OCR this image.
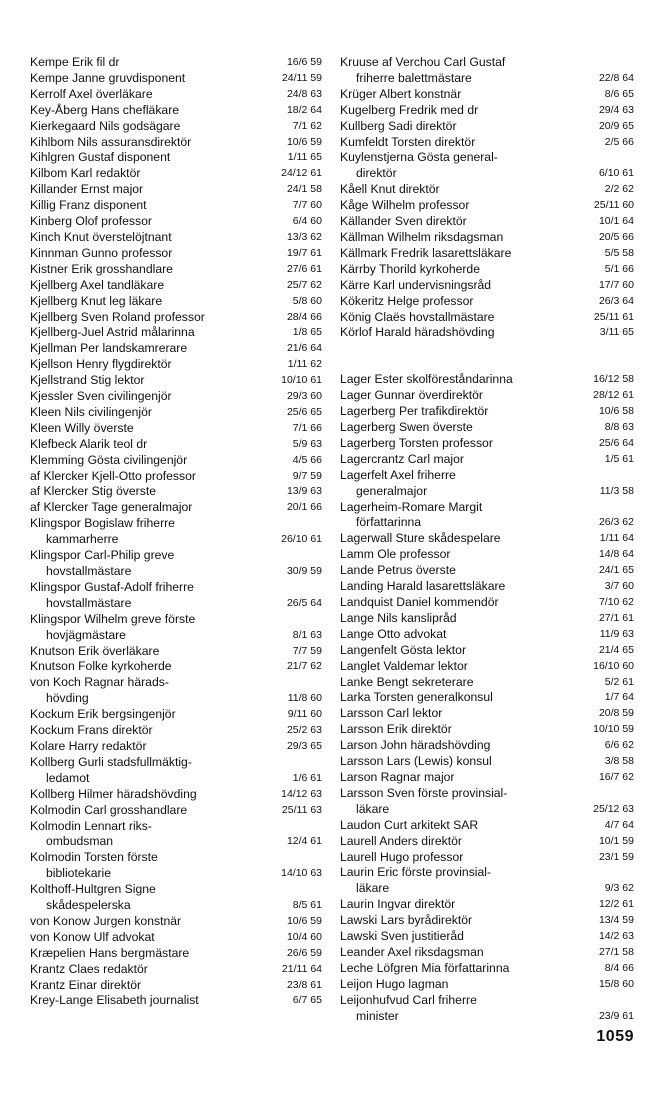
Kempe Erik fil dr	16/6 59
Kempe Janne gruvdisponent	24/11 59
Kerrolf Axel överläkare	24/8 63
Key-Åberg Hans chefläkare	18/2 64
Kierkegaard Nils godsägare	7/1 62
Kihlbom Nils assuransdirektör	10/6 59
Kihlgren Gustaf disponent	1/11 65
Kilbom Karl redaktör	24/12 61
Killander Ernst major	24/1 58
Killig Franz disponent	7/7 60
Kinberg Olof professor	6/4 60
Kinch Knut överstelöjtnant	13/3 62
Kinnman Gunno professor	19/7 61
Kistner Erik grosshandlare	27/6 61
Kjellberg Axel tandläkare	25/7 62
Kjellberg Knut leg läkare	5/8 60
Kjellberg Sven Roland professor	28/4 66
Kjellberg-Juel Astrid målarinna	1/8 65
Kjellman Per landskamrerare	21/6 64
Kjellson Henry flygdirektör	1/11 62
Kjellstrand Stig lektor	10/10 61
Kjessler Sven civilingenjör	29/3 60
Kleen Nils civilingenjör	25/6 65
Kleen Willy överste	7/1 66
Klefbeck Alarik teol dr	5/9 63
Klemming Gösta civilingenjör	4/5 66
af Klercker Kjell-Otto professor	9/7 59
af Klercker Stig överste	13/9 63
af Klercker Tage generalmajor	20/1 66
Klingspor Bogislaw friherre
kammarherre	26/10 61
Klingspor Carl-Philip greve
hovstallmästare	30/9 59
Klingspor Gustaf-Adolf friherre
hovstallmästare	26/5 64
Klingspor Wilhelm greve förste
hovjägmästare	8/1 63
Knutson Erik överläkare	7/7 59
Knutson Folke kyrkoherde	21/7 62
von Koch Ragnar härads-
hövding	11/8 60
Kockum Erik bergsingenjör	9/11 60
Kockum Frans direktör	25/2 63
Kolare Harry redaktör	29/3 65
Kollberg Gurli stadsfullmäktig-
ledamot	1/6 61
Kollberg Hilmer häradshövding	14/12 63
Kolmodin Carl grosshandlare	25/11 63
Kolmodin Lennart riks-
ombudsman	12/4 61
Kolmodin Torsten förste
bibliotekarie	14/10 63
Kolthoff-Hultgren Signe
skådespelerska	8/5 61
von Konow Jurgen konstnär	10/6 59
von Konow Ulf advokat	10/4 60
Kræpelien Hans bergmästare	26/6 59
Krantz Claes redaktör	21/11 64
Krantz Einar direktör	23/8 61
Krey-Lange Elisabeth journalist	6/7 65
Kruuse af Verchou Carl Gustaf
friherre balettmästare	22/8 64
Krüger Albert konstnär	8/6 65
Kugelberg Fredrik med dr	29/4 63
Kullberg Sadi direktör	20/9 65
Kumfeldt Torsten direktör	2/5 66
Kuylenstjerna Gösta general-
direktör	6/10 61
Kåell Knut direktör	2/2 62
Kåge Wilhelm professor	25/11 60
Källander Sven direktör	10/1 64
Källman Wilhelm riksdagsman	20/5 66
Källmark Fredrik lasarettsläkare	5/5 58
Kärrby Thorild kyrkoherde	5/1 66
Kärre Karl undervisningsråd	17/7 60
Kökeritz Helge professor	26/3 64
König Claës hovstallmästare	25/11 61
Körlof Harald häradshövding	3/11 65
Lager Ester skolföreståndarinna	16/12 58
Lager Gunnar överdirektör	28/12 61
Lagerberg Per trafikdirektör	10/6 58
Lagerberg Swen överste	8/8 63
Lagerberg Torsten professor	25/6 64
Lagercrantz Carl major	1/5 61
Lagerfelt Axel friherre
generalmajor	11/3 58
Lagerheim-Romare Margit
författarinna	26/3 62
Lagerwall Sture skådespelare	1/11 64
Lamm Ole professor	14/8 64
Lande Petrus överste	24/1 65
Landing Harald lasarettsläkare	3/7 60
Landquist Daniel kommendör	7/10 62
Lange Nils kanslipråd	27/1 61
Lange Otto advokat	11/9 63
Langenfelt Gösta lektor	21/4 65
Langlet Valdemar lektor	16/10 60
Lanke Bengt sekreterare	5/2 61
Larka Torsten generalkonsul	1/7 64
Larsson Carl lektor	20/8 59
Larsson Erik direktör	10/10 59
Larson John häradshövding	6/6 62
Larsson Lars (Lewis) konsul	3/8 58
Larson Ragnar major	16/7 62
Larsson Sven förste provinsial-
läkare	25/12 63
Laudon Curt arkitekt SAR	4/7 64
Laurell Anders direktör	10/1 59
Laurell Hugo professor	23/1 59
Laurin Eric förste provinsial-
läkare	9/3 62
Laurin Ingvar direktör	12/2 61
Lawski Lars byrådirektör	13/4 59
Lawski Sven justitieråd	14/2 63
Leander Axel riksdagsman	27/1 58
Leche Löfgren Mia författarinna	8/4 66
Leijon Hugo lagman	15/8 60
Leijonhufvud Carl friherre
minister	23/9 61
1059
